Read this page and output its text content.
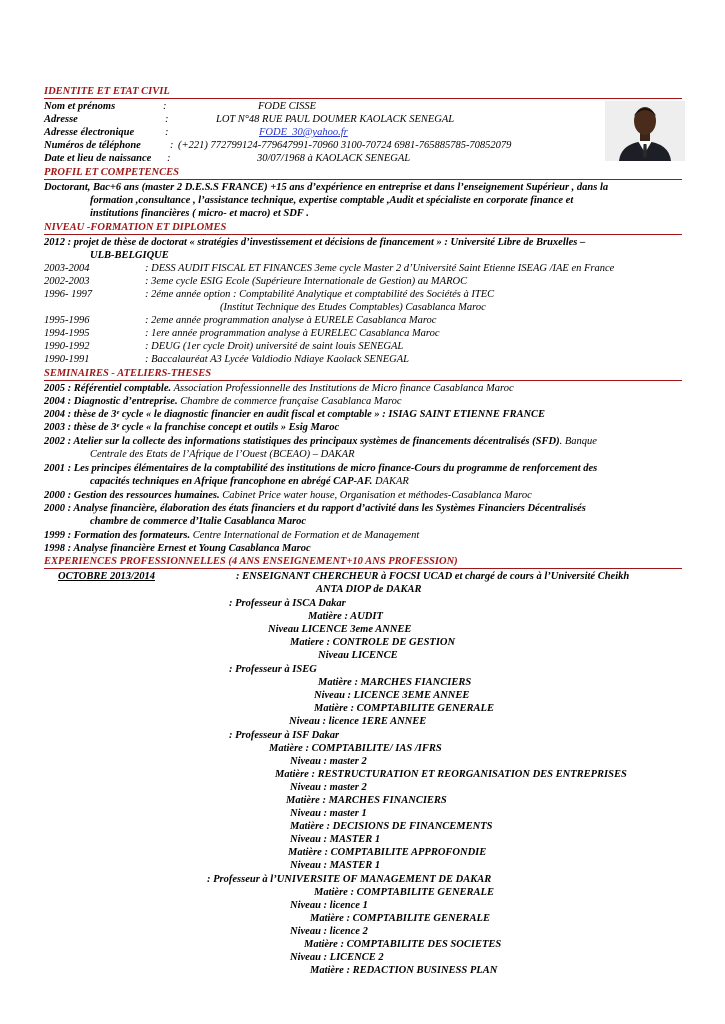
IDENTITE ET ETAT CIVIL
Nom et prénoms	:	FODE CISSE
Adresse	:	LOT N°48 RUE PAUL DOUMER KAOLACK SENEGAL
Adresse électronique	:	FODE_30@yahoo.fr
Numéros de téléphone	: (+221) 772799124-779647991-70960 3100-70724 6981-765885785-70852079
Date et lieu de naissance :	30/07/1968 à KAOLACK SENEGAL
PROFIL ET COMPETENCES
Doctorant, Bac+6 ans (master 2 D.E.S.S FRANCE) +15 ans d’expérience en entreprise et dans l’enseignement Supérieur , dans la
formation ,consultance , l’assistance technique, expertise comptable ,Audit et spécialiste en corporate finance et
institutions financières ( micro- et macro) et SDF .
NIVEAU -FORMATION ET DIPLOMES
2012 : projet de thèse de doctorat « stratégies d’investissement et décisions de financement » : Université Libre de Bruxelles –
ULB-BELGIQUE
2003-2004	: DESS AUDIT FISCAL ET FINANCES 3eme cycle Master 2 d’Université Saint Etienne ISEAG /IAE en France
2002-2003	: 3eme cycle ESIG Ecole (Supérieure Internationale de Gestion) au MAROC
1996- 1997	: 2éme année option : Comptabilité Analytique et comptabilité des Sociétés à ITEC
(Institut Technique des Etudes Comptables) Casablanca Maroc
1995-1996	: 2eme année programmation analyse à EURELE Casablanca Maroc
1994-1995	: 1ere année programmation analyse à EURELEC Casablanca Maroc
1990-1992	: DEUG (1er cycle Droit) université de saint louis SENEGAL
1990-1991	: Baccalauréat A3 Lycée Valdiodio Ndiaye Kaolack SENEGAL
SEMINAIRES - ATELIERS-THESES
2005 : Référentiel comptable. Association Professionnelle des Institutions de Micro finance Casablanca Maroc
2004 : Diagnostic d’entreprise. Chambre de commerce française Casablanca Maroc
2004 : thèse de 3ᵉ cycle « le diagnostic financier en audit fiscal et comptable » : ISIAG SAINT ETIENNE FRANCE
2003 : thèse de 3ᵉ cycle « la franchise concept et outils » Esig Maroc
2002 : Atelier sur la collecte des informations statistiques des principaux systèmes de financements décentralisés (SFD). Banque
Centrale des Etats de l’Afrique de l’Ouest (BCEAO) – DAKAR
2001 : Les principes élémentaires de la comptabilité des institutions de micro finance-Cours du programme de renforcement des
capacités techniques en Afrique francophone en abrégé CAP-AF. DAKAR
2000 : Gestion des ressources humaines. Cabinet Price water house, Organisation et méthodes-Casablanca Maroc
2000 : Analyse financière, élaboration des états financiers et du rapport d’activité dans les Systèmes Financiers Décentralisés
chambre de commerce d’Italie Casablanca Maroc
1999 : Formation des formateurs. Centre International de Formation et de Management
1998 : Analyse financière Ernest et Young Casablanca Maroc
EXPERIENCES PROFESSIONNELLES (4 ANS ENSEIGNEMENT+10 ANS PROFESSION)
OCTOBRE 2013/2014	: ENSEIGNANT CHERCHEUR à FOCSI UCAD et chargé de cours à l’Université Cheikh
ANTA DIOP de DAKAR
: Professeur à ISCA Dakar
Matière : AUDIT
Niveau LICENCE 3eme ANNEE
Matiere : CONTROLE DE GESTION
Niveau LICENCE
: Professeur à ISEG
Matière : MARCHES FIANCIERS
Niveau : LICENCE 3EME ANNEE
Matière : COMPTABILITE GENERALE
Niveau : licence 1ERE ANNEE
: Professeur à ISF Dakar
Matière : COMPTABILITE/ IAS /IFRS
Niveau : master 2
Matière : RESTRUCTURATION ET REORGANISATION DES ENTREPRISES
Niveau : master 2
Matière : MARCHES FINANCIERS
Niveau : master 1
Matière : DECISIONS DE FINANCEMENTS
Niveau : MASTER 1
Matière : COMPTABILITE APPROFONDIE
Niveau : MASTER 1
: Professeur à l’UNIVERSITE OF MANAGEMENT DE DAKAR
Matière : COMPTABILITE GENERALE
Niveau : licence 1
Matière : COMPTABILITE GENERALE
Niveau : licence 2
Matière : COMPTABILITE DES SOCIETES
Niveau : LICENCE 2
Matière : REDACTION BUSINESS PLAN
